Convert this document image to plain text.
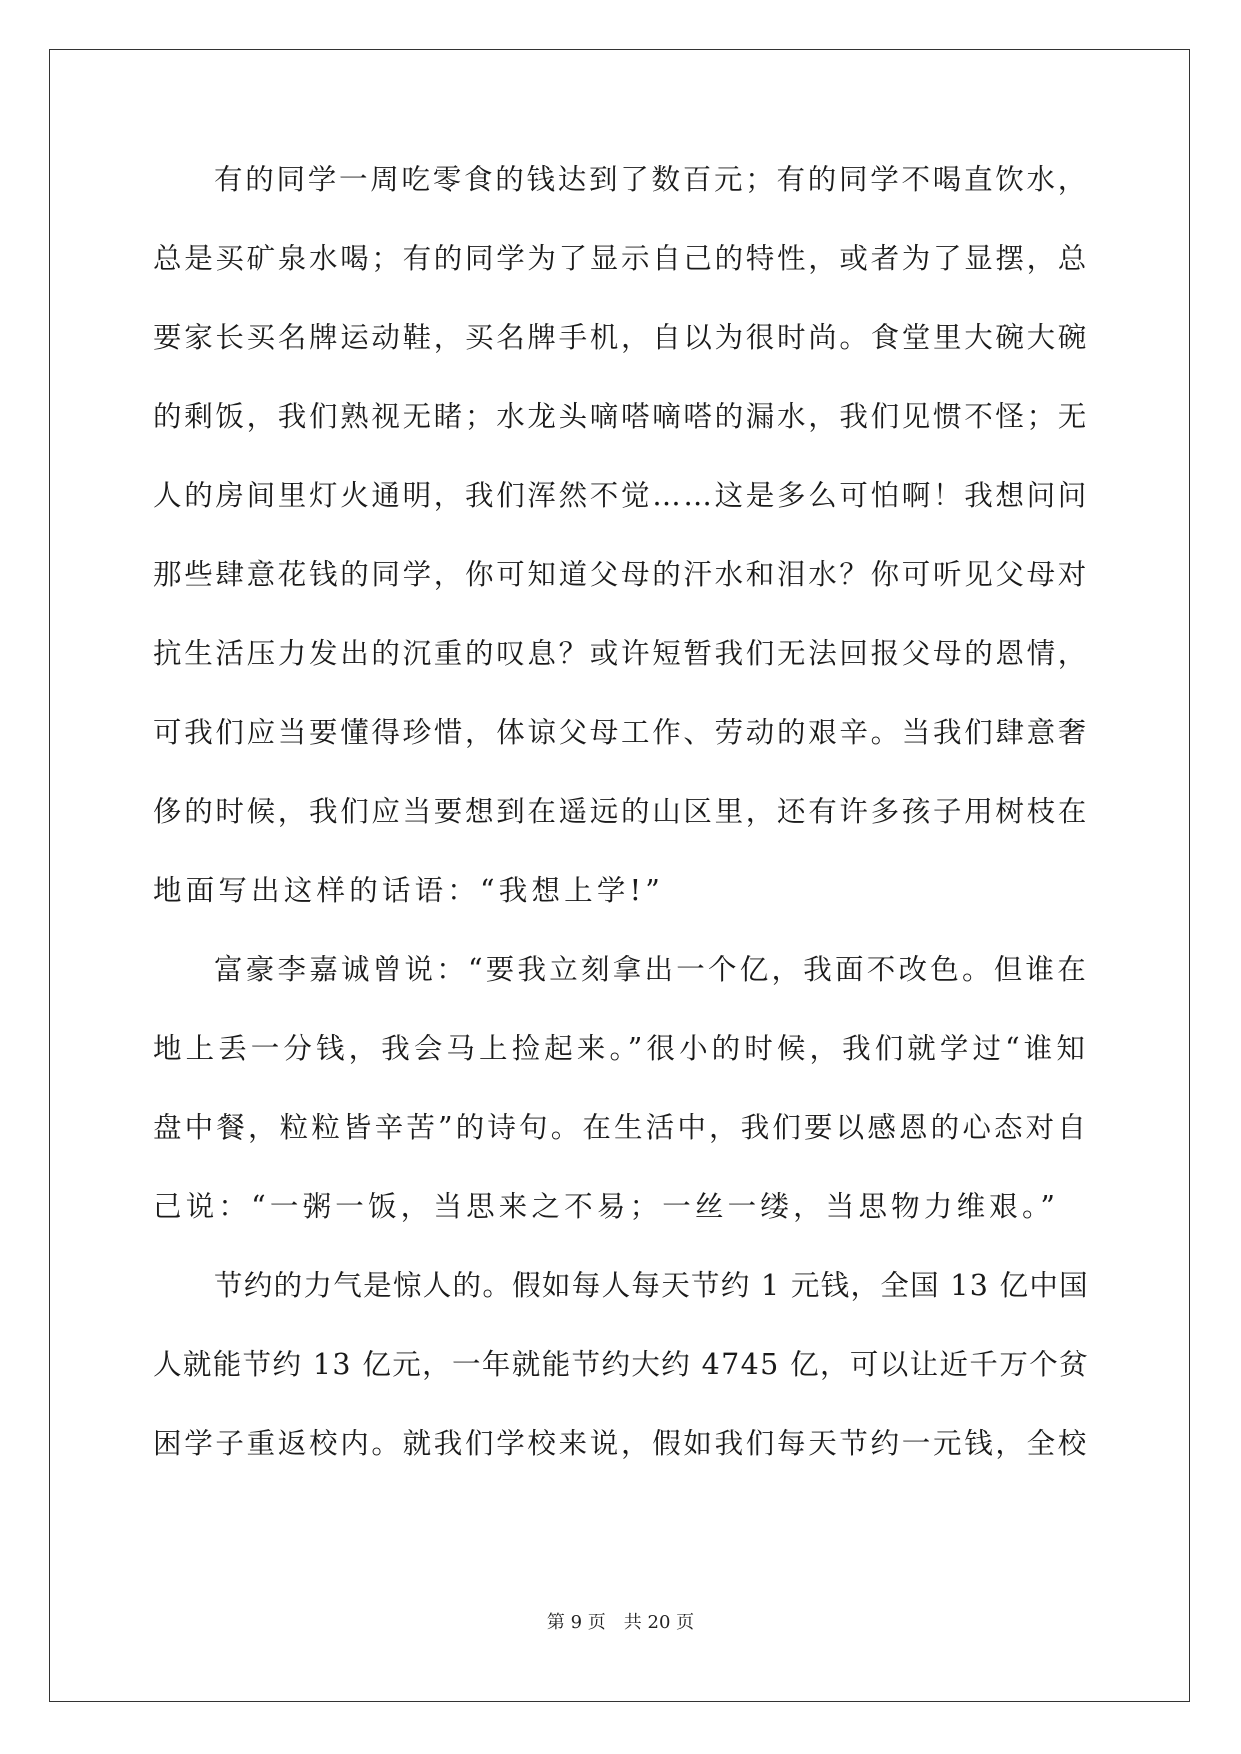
有的同学一周吃零食的钱达到了数百元；有的同学不喝直饮水，
总是买矿泉水喝；有的同学为了显示自己的特性，或者为了显摆，总
要家长买名牌运动鞋，买名牌手机，自以为很时尚。食堂里大碗大碗
的剩饭，我们熟视无睹；水龙头嘀嗒嘀嗒的漏水，我们见惯不怪；无
人的房间里灯火通明，我们浑然不觉……这是多么可怕啊！我想问问
那些肆意花钱的同学，你可知道父母的汗水和泪水？你可听见父母对
抗生活压力发出的沉重的叹息？或许短暂我们无法回报父母的恩情，
可我们应当要懂得珍惜，体谅父母工作、劳动的艰辛。当我们肆意奢
侈的时候，我们应当要想到在遥远的山区里，还有许多孩子用树枝在
地面写出这样的话语：“我想上学!”
富豪李嘉诚曾说：“要我立刻拿出一个亿，我面不改色。但谁在
地上丢一分钱，我会马上捡起来。”很小的时候，我们就学过“谁知
盘中餐，粒粒皆辛苦”的诗句。在生活中，我们要以感恩的心态对自
己说：“一粥一饭，当思来之不易；一丝一缕，当思物力维艰。”
节约的力气是惊人的。假如每人每天节约 1 元钱，全国 13 亿中国
人就能节约 13 亿元，一年就能节约大约 4745 亿，可以让近千万个贫
困学子重返校内。就我们学校来说，假如我们每天节约一元钱，全校
第 9 页　共 20 页
